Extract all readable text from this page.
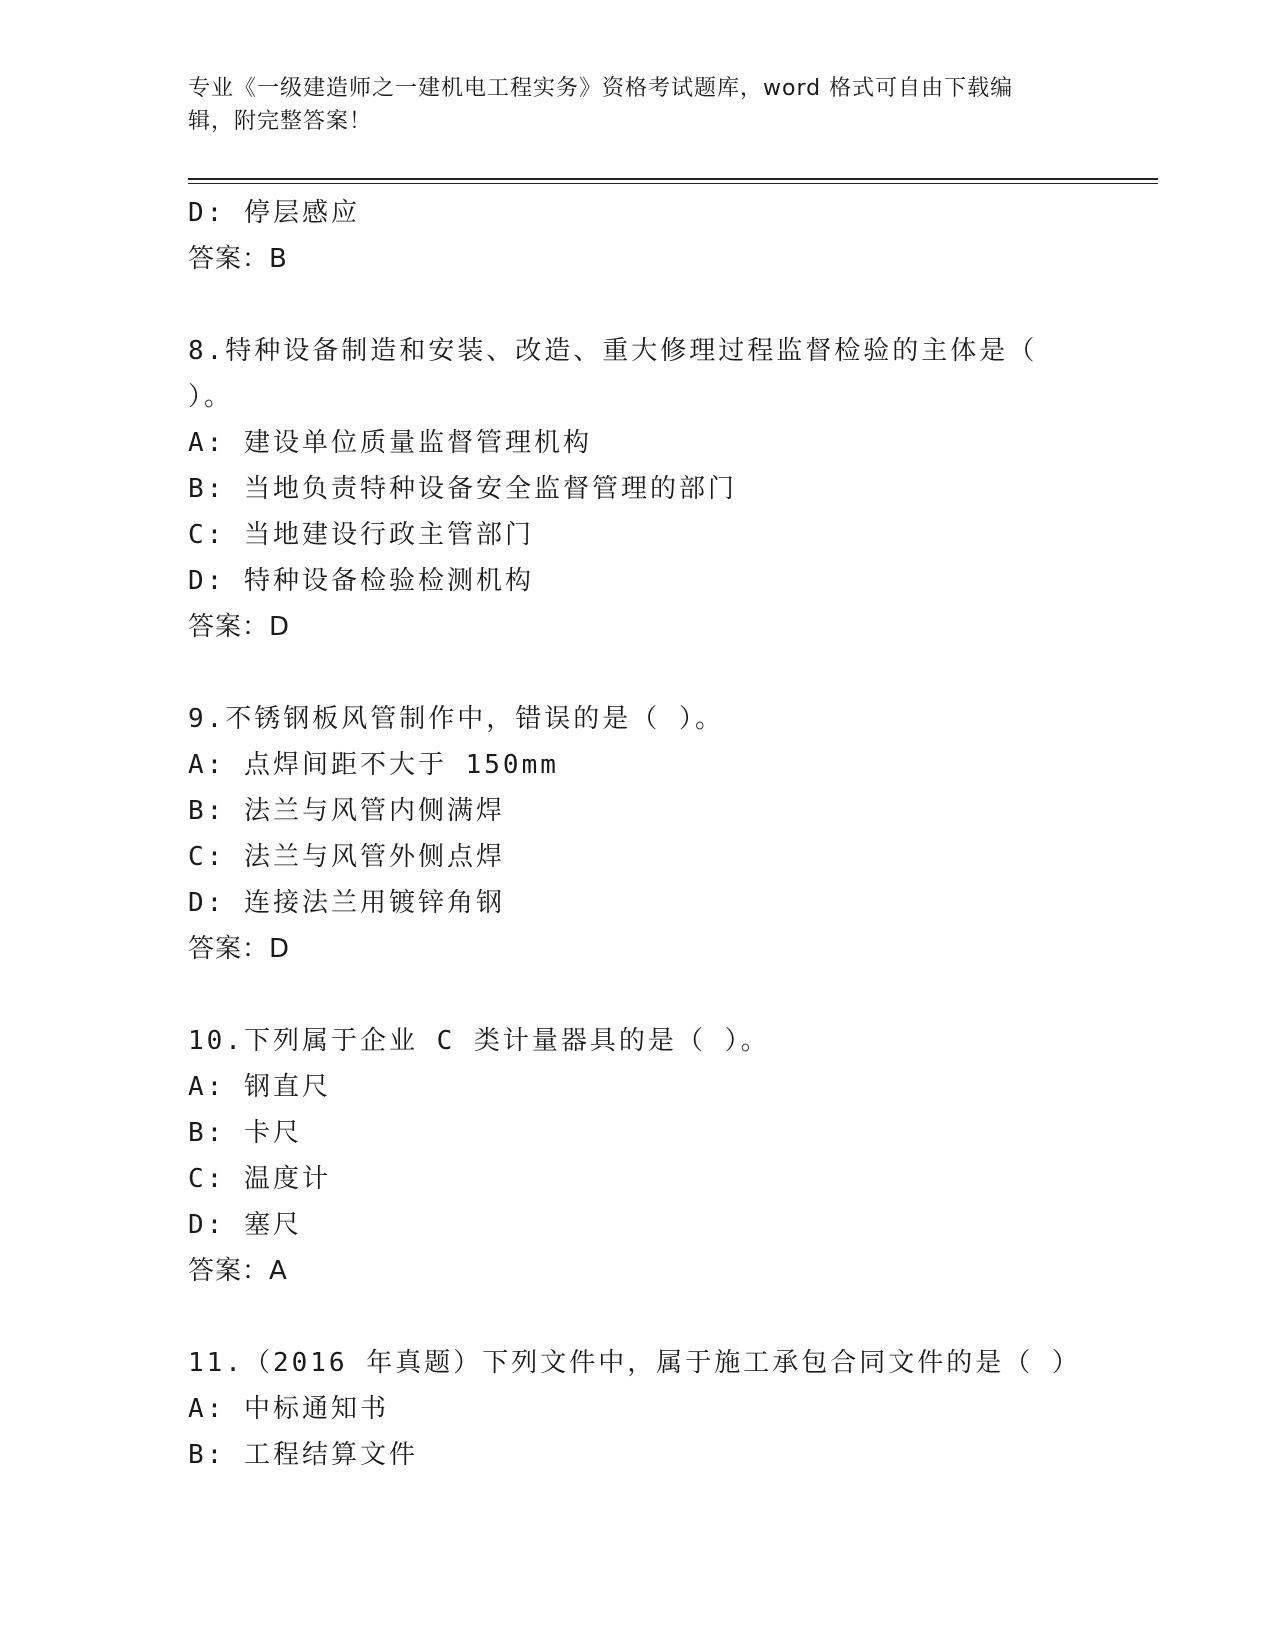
专业《一级建造师之一建机电工程实务》资格考试题库，word 格式可自由下载编
辑，附完整答案！
D: 停层感应
答案：B
8.特种设备制造和安装、改造、重大修理过程监督检验的主体是（
）。
A: 建设单位质量监督管理机构
B: 当地负责特种设备安全监督管理的部门
C: 当地建设行政主管部门
D: 特种设备检验检测机构
答案：D
9.不锈钢板风管制作中，错误的是（ ）。
A: 点焊间距不大于 150mm
B: 法兰与风管内侧满焊
C: 法兰与风管外侧点焊
D: 连接法兰用镀锌角钢
答案：D
10.下列属于企业 C 类计量器具的是（ ）。
A: 钢直尺
B: 卡尺
C: 温度计
D: 塞尺
答案：A
11.（2016 年真题）下列文件中，属于施工承包合同文件的是（ ）
A: 中标通知书
B: 工程结算文件
